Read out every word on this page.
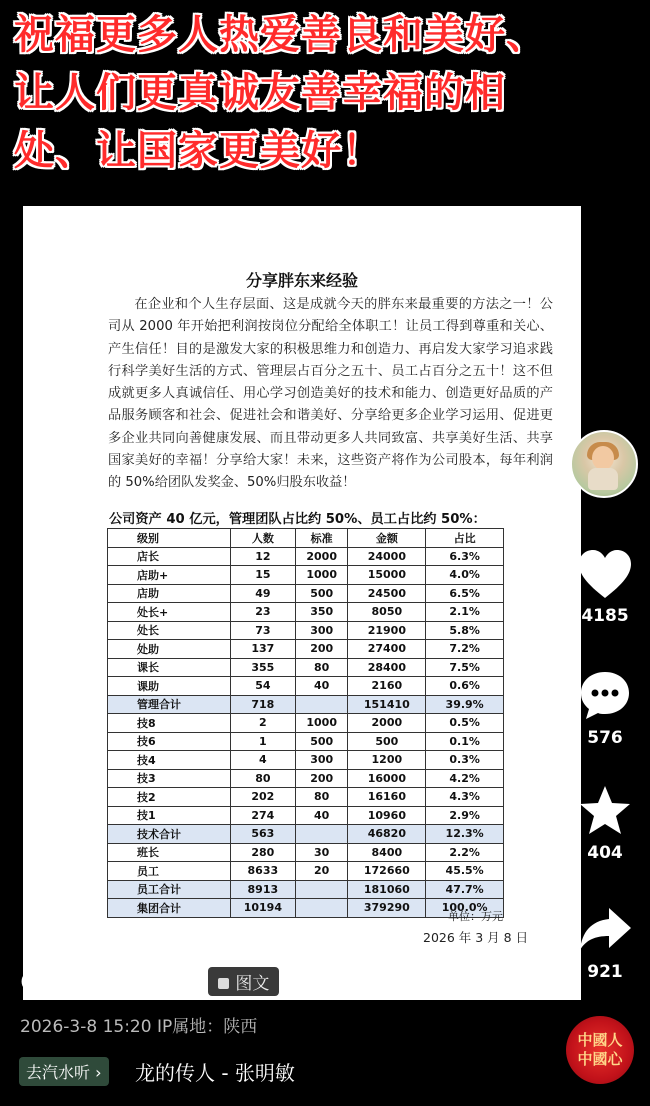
祝福更多人热爱善良和美好、
让人们更真诚友善幸福的相
处、让国家更美好！
分享胖东来经验
在企业和个人生存层面、这是成就今天的胖东来最重要的方法之一！公司从 2000 年开始把利润按岗位分配给全体职工！让员工得到尊重和关心、产生信任！目的是激发大家的积极思维力和创造力、再启发大家学习追求践行科学美好生活的方式、管理层占百分之五十、员工占百分之五十！这不但成就更多人真诚信任、用心学习创造美好的技术和能力、创造更好品质的产品服务顾客和社会、促进社会和谐美好、分享给更多企业学习运用、促进更多企业共同向善健康发展、而且带动更多人共同致富、共享美好生活、共享国家美好的幸福！分享给大家！未来，这些资产将作为公司股本，每年利润的 50%给团队发奖金、50%归股东收益！
公司资产 40 亿元，管理团队占比约 50%、员工占比约 50%：
级别	人数	标准	金额	占比
店长	12	2000	24000	6.3%
店助+	15	1000	15000	4.0%
店助	49	500	24500	6.5%
处长+	23	350	8050	2.1%
处长	73	300	21900	5.8%
处助	137	200	27400	7.2%
课长	355	80	28400	7.5%
课助	54	40	2160	0.6%
管理合计	718		151410	39.9%
技8	2	1000	2000	0.5%
技6	1	500	500	0.1%
技4	4	300	1200	0.3%
技3	80	200	16000	4.2%
技2	202	80	16160	4.3%
技1	274	40	10960	2.9%
技术合计	563		46820	12.3%
班长	280	30	8400	2.2%
员工	8633	20	172660	45.5%
员工合计	8913		181060	47.7%
集团合计	10194		379290	100.0%
单位：万元
2026 年 3 月 8 日
4185
576
404
921
@傻坏蛋于东来	图文
2026-3-8 15:20 IP属地：陕西
去汽水听 ›	龙的传人 - 张明敏
中國人
中國心
